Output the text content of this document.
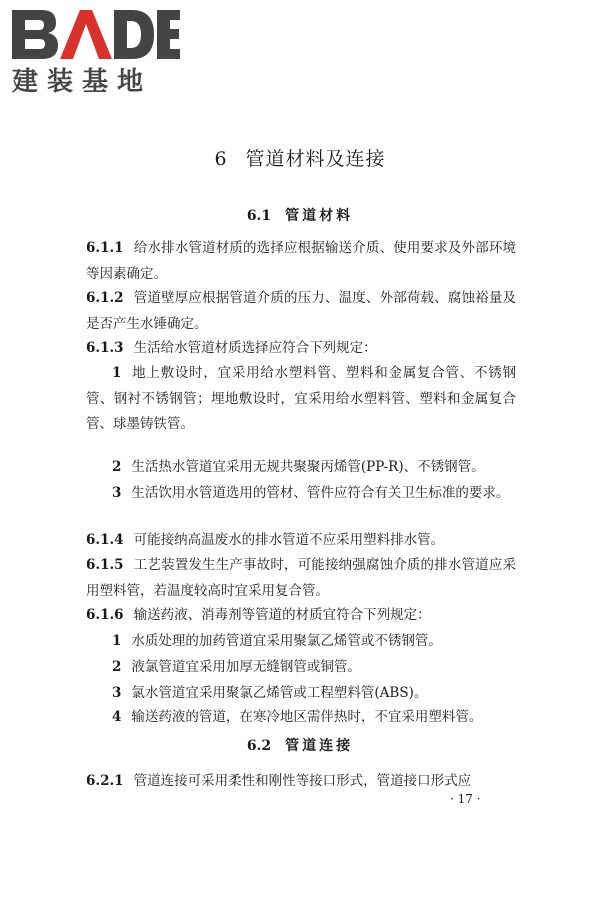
建装基地
6 管道材料及连接
6.1 管道材料
6.1.1 给水排水管道材质的选择应根据输送介质、使用要求及外部环境等因素确定。
6.1.2 管道壁厚应根据管道介质的压力、温度、外部荷载、腐蚀裕量及是否产生水锤确定。
6.1.3 生活给水管道材质选择应符合下列规定：
1 地上敷设时，宜采用给水塑料管、塑料和金属复合管、不锈钢管、钢衬不锈钢管；埋地敷设时，宜采用给水塑料管、塑料和金属复合管、球墨铸铁管。
2 生活热水管道宜采用无规共聚聚丙烯管(PP-R)、不锈钢管。
3 生活饮用水管道选用的管材、管件应符合有关卫生标准的要求。
6.1.4 可能接纳高温废水的排水管道不应采用塑料排水管。
6.1.5 工艺装置发生生产事故时，可能接纳强腐蚀介质的排水管道应采用塑料管，若温度较高时宜采用复合管。
6.1.6 输送药液、消毒剂等管道的材质宜符合下列规定：
1 水质处理的加药管道宜采用聚氯乙烯管或不锈钢管。
2 液氯管道宜采用加厚无缝钢管或铜管。
3 氯水管道宜采用聚氯乙烯管或工程塑料管(ABS)。
4 输送药液的管道，在寒冷地区需伴热时，不宜采用塑料管。
6.2 管道连接
6.2.1 管道连接可采用柔性和刚性等接口形式，管道接口形式应
· 17 ·
